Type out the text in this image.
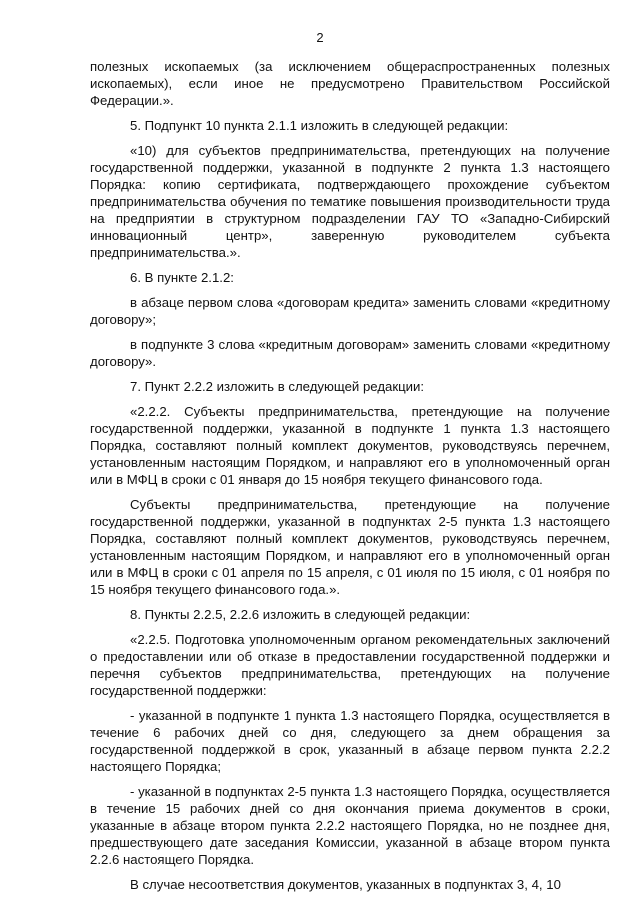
2

полезных ископаемых (за исключением общераспространенных полезных ископаемых), если иное не предусмотрено Правительством Российской Федерации.».

5. Подпункт 10 пункта 2.1.1 изложить в следующей редакции:

«10) для субъектов предпринимательства, претендующих на получение государственной поддержки, указанной в подпункте 2 пункта 1.3 настоящего Порядка: копию сертификата, подтверждающего прохождение субъектом предпринимательства обучения по тематике повышения производительности труда на предприятии в структурном подразделении ГАУ ТО «Западно-Сибирский инновационный центр», заверенную руководителем субъекта предпринимательства.».

6. В пункте 2.1.2:

в абзаце первом слова «договорам кредита» заменить словами «кредитному договору»;

в подпункте 3 слова «кредитным договорам» заменить словами «кредитному договору».

7. Пункт 2.2.2 изложить в следующей редакции:

«2.2.2. Субъекты предпринимательства, претендующие на получение государственной поддержки, указанной в подпункте 1 пункта 1.3 настоящего Порядка, составляют полный комплект документов, руководствуясь перечнем, установленным настоящим Порядком, и направляют его в уполномоченный орган или в МФЦ в сроки с 01 января до 15 ноября текущего финансового года.

Субъекты предпринимательства, претендующие на получение государственной поддержки, указанной в подпунктах 2-5 пункта 1.3 настоящего Порядка, составляют полный комплект документов, руководствуясь перечнем, установленным настоящим Порядком, и направляют его в уполномоченный орган или в МФЦ в сроки с 01 апреля по 15 апреля, с 01 июля по 15 июля, с 01 ноября по 15 ноября текущего финансового года.».

8. Пункты 2.2.5, 2.2.6 изложить в следующей редакции:

«2.2.5. Подготовка уполномоченным органом рекомендательных заключений о предоставлении или об отказе в предоставлении государственной поддержки и перечня субъектов предпринимательства, претендующих на получение государственной поддержки:

- указанной в подпункте 1 пункта 1.3 настоящего Порядка, осуществляется в течение 6 рабочих дней со дня, следующего за днем обращения за государственной поддержкой в срок, указанный в абзаце первом пункта 2.2.2 настоящего Порядка;

- указанной в подпунктах 2-5 пункта 1.3 настоящего Порядка, осуществляется в течение 15 рабочих дней со дня окончания приема документов в сроки, указанные в абзаце втором пункта 2.2.2 настоящего Порядка, но не позднее дня, предшествующего дате заседания Комиссии, указанной в абзаце втором пункта 2.2.6 настоящего Порядка.

В случае несоответствия документов, указанных в подпунктах 3, 4, 10
